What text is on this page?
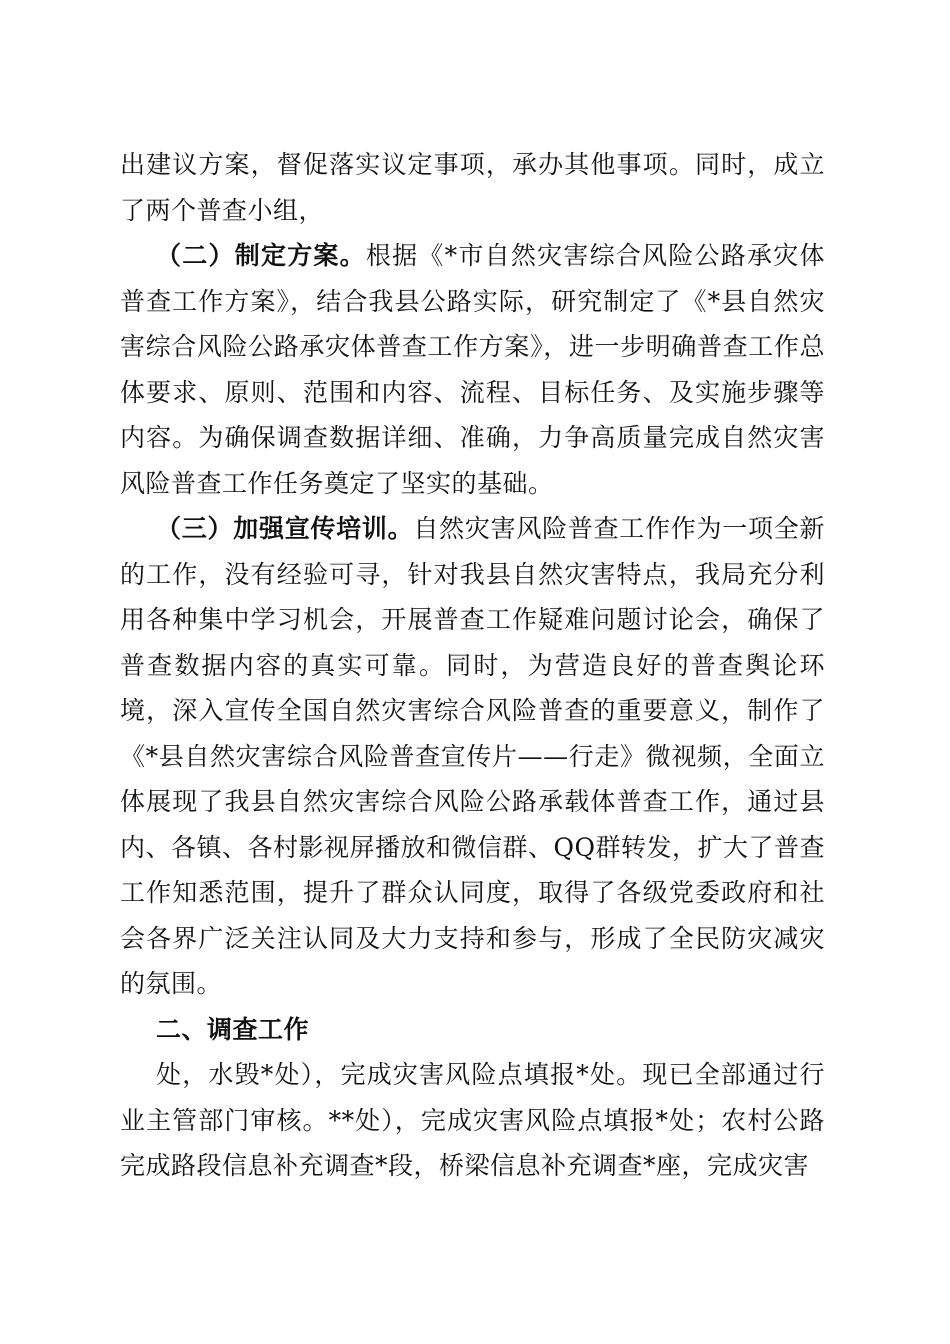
出建议方案，督促落实议定事项，承办其他事项。同时，成立了两个普查小组，

（二）制定方案。根据《*市自然灾害综合风险公路承灾体普查工作方案》，结合我县公路实际，研究制定了《*县自然灾害综合风险公路承灾体普查工作方案》，进一步明确普查工作总体要求、原则、范围和内容、流程、目标任务、及实施步骤等内容。为确保调查数据详细、准确，力争高质量完成自然灾害风险普查工作任务奠定了坚实的基础。

（三）加强宣传培训。自然灾害风险普查工作作为一项全新的工作，没有经验可寻，针对我县自然灾害特点，我局充分利用各种集中学习机会，开展普查工作疑难问题讨论会，确保了普查数据内容的真实可靠。同时，为营造良好的普查舆论环境，深入宣传全国自然灾害综合风险普查的重要意义，制作了《*县自然灾害综合风险普查宣传片——行走》微视频，全面立体展现了我县自然灾害综合风险公路承载体普查工作，通过县内、各镇、各村影视屏播放和微信群、QQ群转发，扩大了普查工作知悉范围，提升了群众认同度，取得了各级党委政府和社会各界广泛关注认同及大力支持和参与，形成了全民防灾减灾的氛围。

二、调查工作

处，水毁*处），完成灾害风险点填报*处。现已全部通过行业主管部门审核。**处），完成灾害风险点填报*处；农村公路完成路段信息补充调查*段，桥梁信息补充调查*座，完成灾害
